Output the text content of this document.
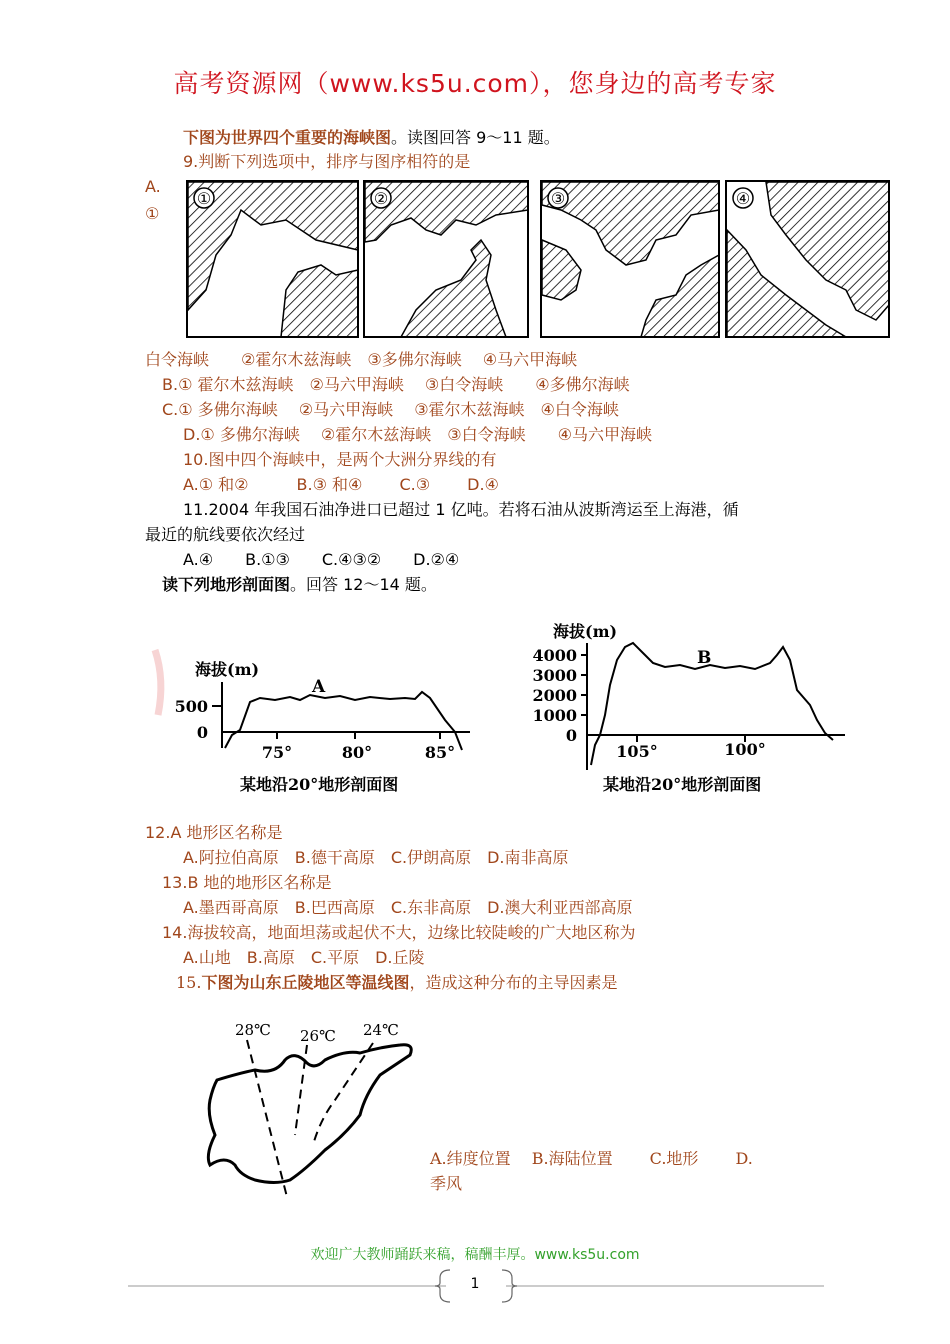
高考资源网（www.ks5u.com），您身边的高考专家
下图为世界四个重要的海峡图。读图回答 9～11 题。
9.判断下列选项中，排序与图序相符的是
A.
①
①	②	③	④
白令海峡　　②霍尔木兹海峡　③多佛尔海峡　 ④马六甲海峡
B.① 霍尔木兹海峡　②马六甲海峡　 ③白令海峡　　④多佛尔海峡
C.① 多佛尔海峡　 ②马六甲海峡　 ③霍尔木兹海峡　④白令海峡
D.① 多佛尔海峡　 ②霍尔木兹海峡　③白令海峡　　④马六甲海峡
10.图中四个海峡中，是两个大洲分界线的有
A.① 和②　　　B.③ 和④　　 C.③　　 D.④
11.2004 年我国石油净进口已超过 1 亿吨。若将石油从波斯湾运至上海港，循
最近的航线要依次经过
A.④　　B.①③　　C.④③②　　D.②④
读下列地形剖面图。回答 12～14 题。
海拔(m)
500
0
A
75°	80°	85°
某地沿20°地形剖面图
海拔(m)
4000
3000
2000
1000
0
B
105°	100°
某地沿20°地形剖面图
12.A 地形区名称是
A.阿拉伯高原　B.德干高原　C.伊朗高原　D.南非高原
13.B 地的地形区名称是
A.墨西哥高原　B.巴西高原　C.东非高原　D.澳大利亚西部高原
14.海拔较高，地面坦荡或起伏不大，边缘比较陡峻的广大地区称为
A.山地　B.高原　C.平原　D.丘陵
15.下图为山东丘陵地区等温线图，造成这种分布的主导因素是
28℃ 26℃ 24℃
A.纬度位置　 B.海陆位置　　 C.地形　　 D.
季风
欢迎广大教师踊跃来稿，稿酬丰厚。www.ks5u.com
1
